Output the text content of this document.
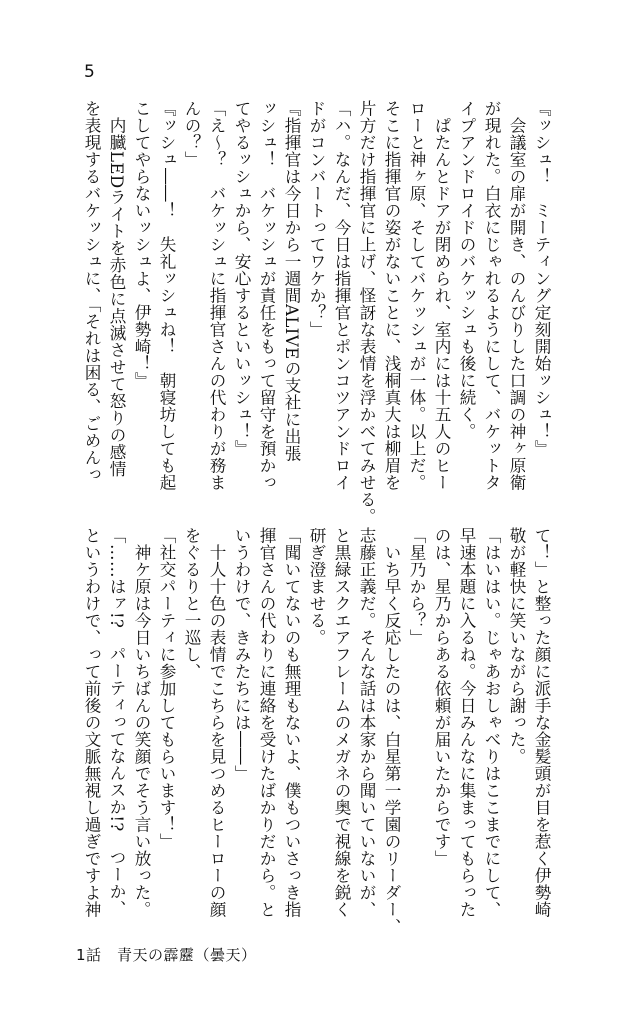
5

『ッシュ！　ミーティング定刻開始ッシュ！』

　会議室の扉が開き、のんびりした口調の神ヶ原衛

が現れた。白衣にじゃれるようにして、バケットタ

イプアンドロイドのバケッシュも後に続く。

　ぱたんとドアが閉められ、室内には十五人のヒー

ローと神ヶ原、そしてバケッシュが一体。以上だ。

そこに指揮官の姿がないことに、浅桐真大は柳眉を

片方だけ指揮官に上げ、怪訝な表情を浮かべてみせる。

「ハ。なんだ、今日は指揮官とポンコツアンドロイ

ドがコンバートってワケか？」

『指揮官は今日から一週間ALIVEの支社に出張

ッシュ！　バケッシュが責任をもって留守を預かっ

てやるッシュから、安心するといいッシュ！』

「え～？　バケッシュに指揮官さんの代わりが務ま

んの？」

『ッシュ――！　失礼ッシュね！　朝寝坊しても起

こしてやらないッシュよ、伊勢崎！』

　内臓LEDライトを赤色に点滅させて怒りの感情

を表現するバケッシュに、「それは困る、ごめんっ

て！」と整った顔に派手な金髪頭が目を惹く伊勢崎

敬が軽快に笑いながら謝った。

「はいはい。じゃあおしゃべりはここまでにして、

早速本題に入るね。今日みんなに集まってもらった

のは、星乃からある依頼が届いたからです」

「星乃から？」

　いち早く反応したのは、白星第一学園のリーダー、

志藤正義だ。そんな話は本家から聞いていないが、

と黒緑スクエアフレームのメガネの奥で視線を鋭く

研ぎ澄ませる。

「聞いてないのも無理もないよ、僕もついさっき指

揮官さんの代わりに連絡を受けたばかりだから。と

いうわけで、きみたちには――」

　十人十色の表情でこちらを見つめるヒーローの顔

をぐるりと一巡し、

「社交パーティに参加してもらいます！」

　神ケ原は今日いちばんの笑顔でそう言い放った。

「……はァ!?　パーティってなんスか!?　つーか、

というわけで、って前後の文脈無視し過ぎですよ神

1話　青天の霹靂（曇天）
